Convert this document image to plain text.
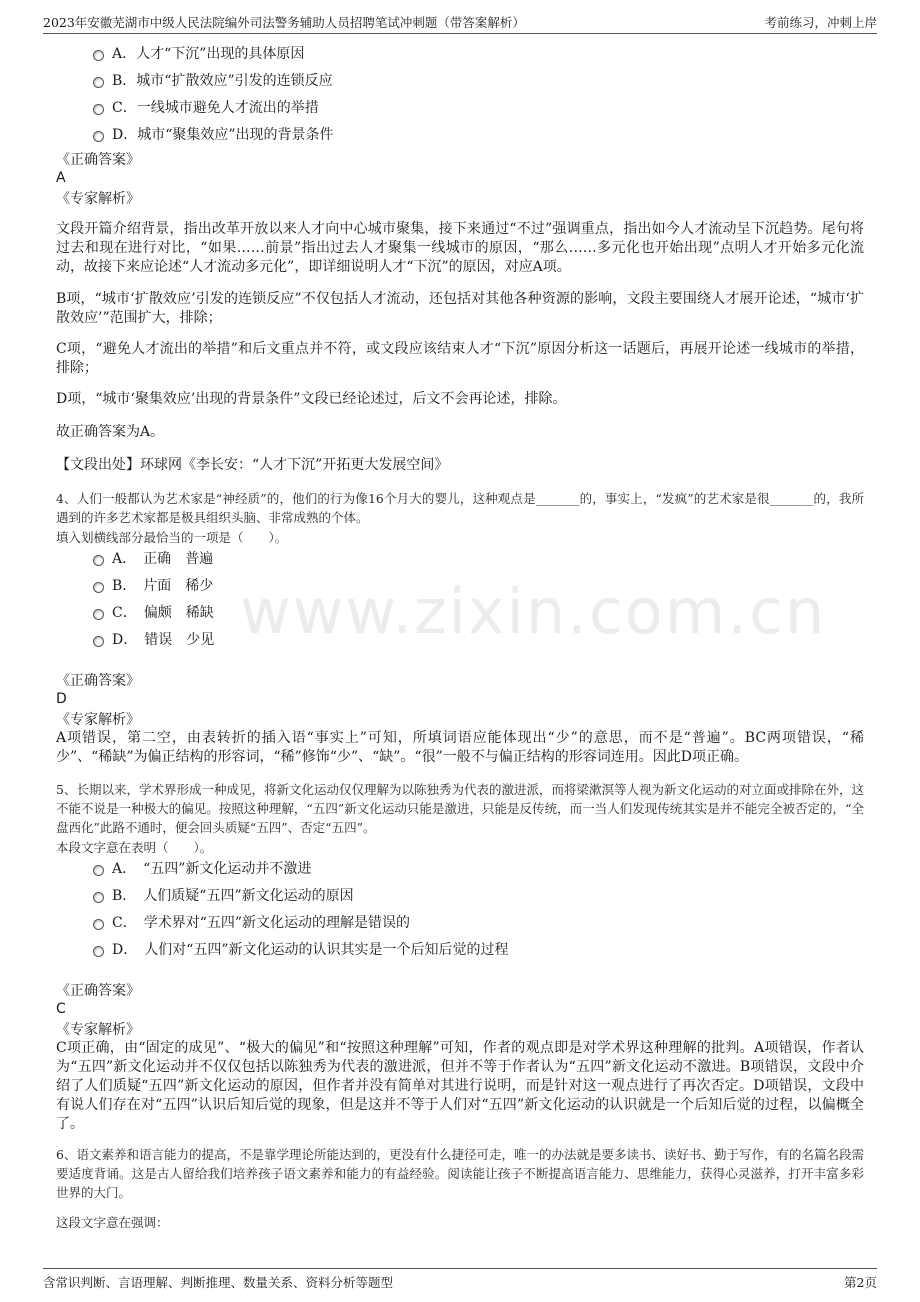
2023年安徽芜湖市中级人民法院编外司法警务辅助人员招聘笔试冲刺题（带答案解析）	考前练习，冲刺上岸
www.zixin.com.cn
A．人才“下沉”出现的具体原因
B．城市“扩散效应”引发的连锁反应
C．一线城市避免人才流出的举措
D．城市“聚集效应”出现的背景条件
《正确答案》
A
《专家解析》
文段开篇介绍背景，指出改革开放以来人才向中心城市聚集，接下来通过“不过”强调重点，指出如今人才流动呈下沉趋势。尾句将过去和现在进行对比，“如果……前景”指出过去人才聚集一线城市的原因，“那么……多元化也开始出现”点明人才开始多元化流动，故接下来应论述“人才流动多元化”，即详细说明人才“下沉”的原因，对应A项。
B项，“城市‘扩散效应’引发的连锁反应”不仅包括人才流动，还包括对其他各种资源的影响，文段主要围绕人才展开论述，“城市‘扩散效应’”范围扩大，排除；
C项，“避免人才流出的举措”和后文重点并不符，或文段应该结束人才“下沉”原因分析这一话题后，再展开论述一线城市的举措，排除；
D项，“城市‘聚集效应’出现的背景条件”文段已经论述过，后文不会再论述，排除。
故正确答案为A。
【文段出处】环球网《李长安：“人才下沉”开拓更大发展空间》
4、人们一般都认为艺术家是“神经质”的，他们的行为像16个月大的婴儿，这种观点是_______的，事实上，“发疯”的艺术家是很_______的，我所遇到的许多艺术家都是极具组织头脑、非常成熟的个体。
填入划横线部分最恰当的一项是（　　）。
A．　正确　普遍
B．　片面　稀少
C．　偏颇　稀缺
D．　错误　少见
《正确答案》
D
《专家解析》
A项错误，第二空，由表转折的插入语“事实上”可知，所填词语应能体现出“少”的意思，而不是“普遍”。BC两项错误，“稀少”、“稀缺”为偏正结构的形容词，“稀”修饰“少”、“缺”。“很”一般不与偏正结构的形容词连用。因此D项正确。
5、长期以来，学术界形成一种成见，将新文化运动仅仅理解为以陈独秀为代表的激进派，而将梁漱溟等人视为新文化运动的对立面或排除在外，这不能不说是一种极大的偏见。按照这种理解，“五四”新文化运动只能是激进，只能是反传统，而一当人们发现传统其实是并不能完全被否定的，“全盘西化”此路不通时，便会回头质疑“五四”、否定“五四”。
本段文字意在表明（　　）。
A．　“五四”新文化运动并不激进
B．　人们质疑“五四”新文化运动的原因
C．　学术界对“五四”新文化运动的理解是错误的
D．　人们对“五四”新文化运动的认识其实是一个后知后觉的过程
《正确答案》
C
《专家解析》
C项正确，由“固定的成见”、“极大的偏见”和“按照这种理解”可知，作者的观点即是对学术界这种理解的批判。A项错误，作者认为“五四”新文化运动并不仅仅包括以陈独秀为代表的激进派，但并不等于作者认为“五四”新文化运动不激进。B项错误，文段中介绍了人们质疑“五四”新文化运动的原因，但作者并没有简单对其进行说明，而是针对这一观点进行了再次否定。D项错误，文段中有说人们存在对“五四”认识后知后觉的现象，但是这并不等于人们对“五四”新文化运动的认识就是一个后知后觉的过程，以偏概全了。
6、语文素养和语言能力的提高，不是靠学理论所能达到的，更没有什么捷径可走，唯一的办法就是要多读书、读好书、勤于写作，有的名篇名段需要适度背诵。这是古人留给我们培养孩子语文素养和能力的有益经验。阅读能让孩子不断提高语言能力、思维能力，获得心灵滋养，打开丰富多彩世界的大门。
这段文字意在强调：
含常识判断、言语理解、判断推理、数量关系、资料分析等题型	第2页
